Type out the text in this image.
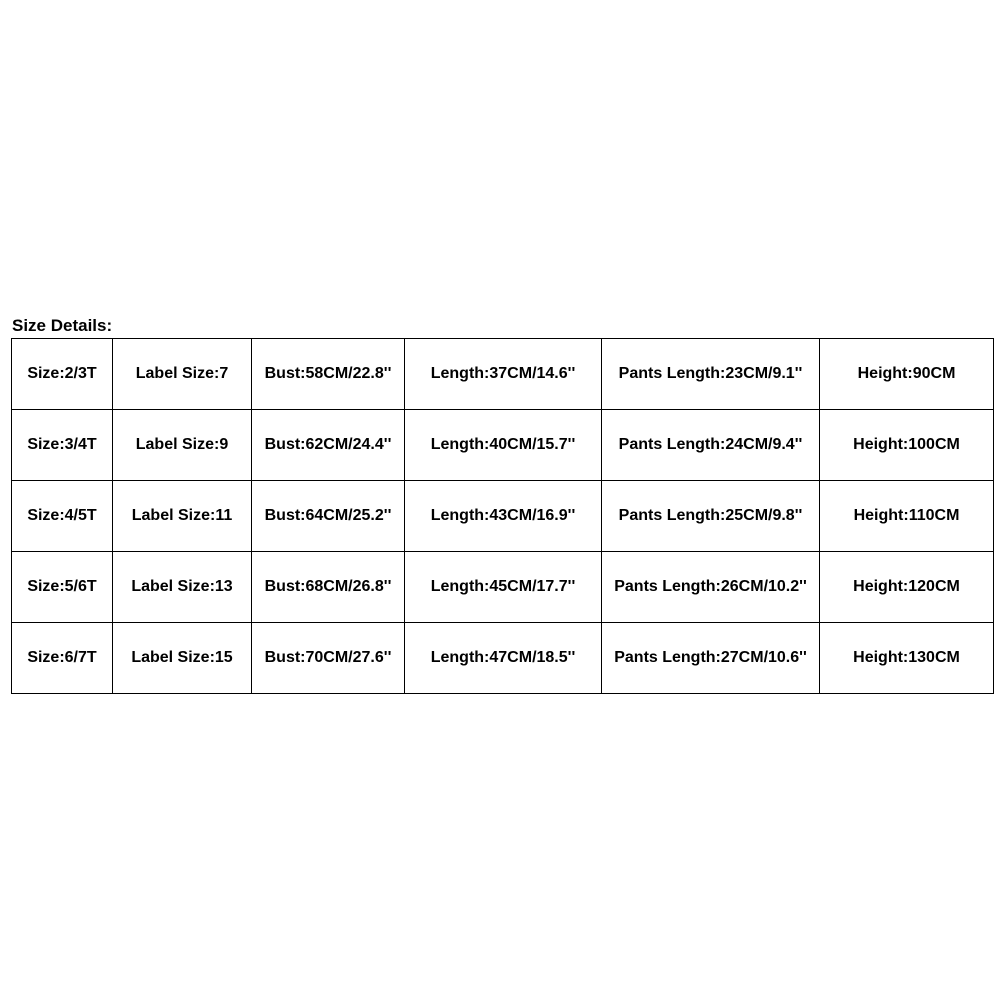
Size Details:
Size:2/3T	Label Size:7	Bust:58CM/22.8''	Length:37CM/14.6''	Pants Length:23CM/9.1''	Height:90CM
Size:3/4T	Label Size:9	Bust:62CM/24.4''	Length:40CM/15.7''	Pants Length:24CM/9.4''	Height:100CM
Size:4/5T	Label Size:11	Bust:64CM/25.2''	Length:43CM/16.9''	Pants Length:25CM/9.8''	Height:110CM
Size:5/6T	Label Size:13	Bust:68CM/26.8''	Length:45CM/17.7''	Pants Length:26CM/10.2''	Height:120CM
Size:6/7T	Label Size:15	Bust:70CM/27.6''	Length:47CM/18.5''	Pants Length:27CM/10.6''	Height:130CM
